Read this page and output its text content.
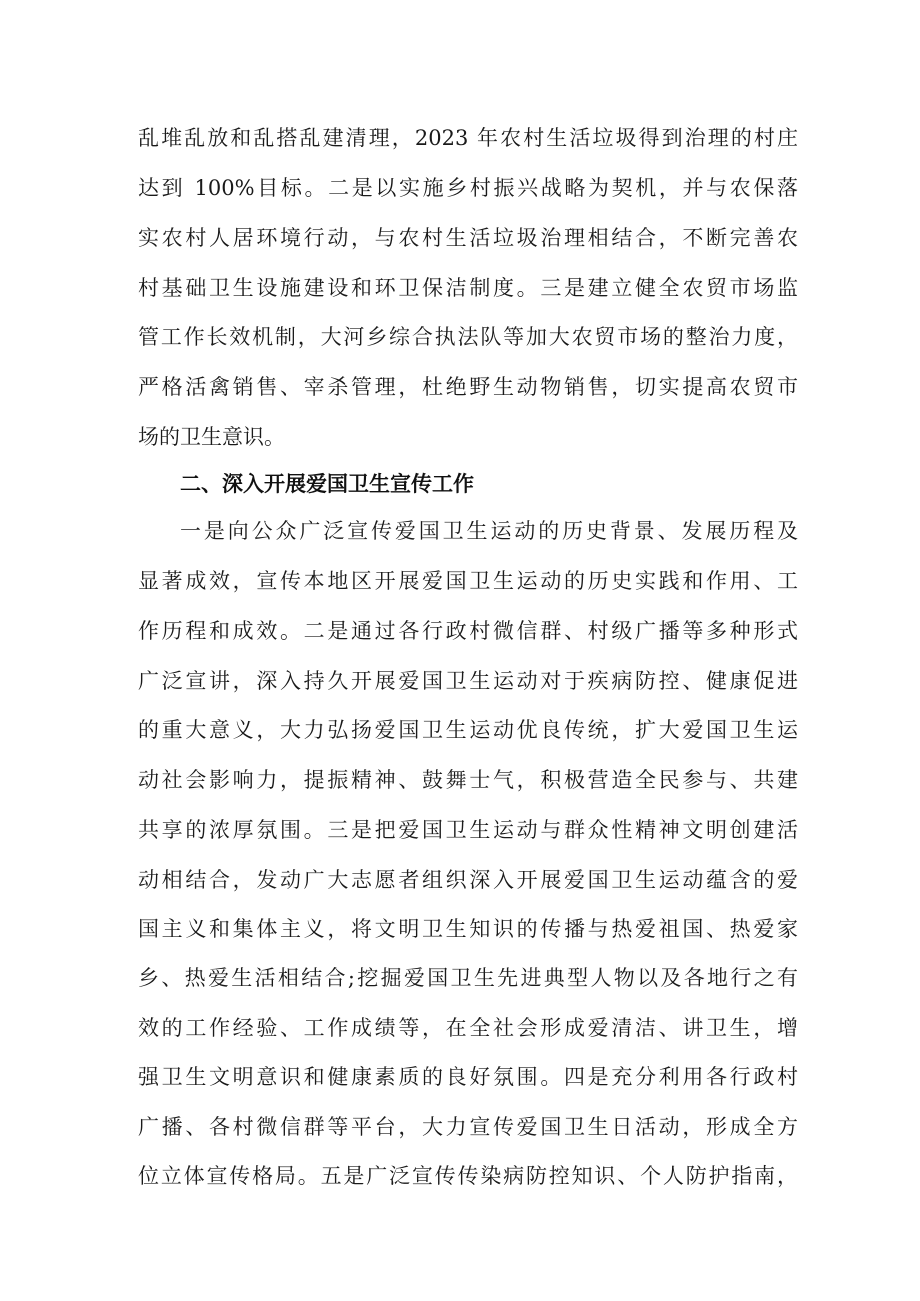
乱堆乱放和乱搭乱建清理，2023 年农村生活垃圾得到治理的村庄
达到 100%目标。二是以实施乡村振兴战略为契机，并与农保落
实农村人居环境行动，与农村生活垃圾治理相结合，不断完善农
村基础卫生设施建设和环卫保洁制度。三是建立健全农贸市场监
管工作长效机制，大河乡综合执法队等加大农贸市场的整治力度，
严格活禽销售、宰杀管理，杜绝野生动物销售，切实提高农贸市
场的卫生意识。
二、深入开展爱国卫生宣传工作
一是向公众广泛宣传爱国卫生运动的历史背景、发展历程及
显著成效，宣传本地区开展爱国卫生运动的历史实践和作用、工
作历程和成效。二是通过各行政村微信群、村级广播等多种形式
广泛宣讲，深入持久开展爱国卫生运动对于疾病防控、健康促进
的重大意义，大力弘扬爱国卫生运动优良传统，扩大爱国卫生运
动社会影响力，提振精神、鼓舞士气，积极营造全民参与、共建
共享的浓厚氛围。三是把爱国卫生运动与群众性精神文明创建活
动相结合，发动广大志愿者组织深入开展爱国卫生运动蕴含的爱
国主义和集体主义，将文明卫生知识的传播与热爱祖国、热爱家
乡、热爱生活相结合;挖掘爱国卫生先进典型人物以及各地行之有
效的工作经验、工作成绩等，在全社会形成爱清洁、讲卫生，增
强卫生文明意识和健康素质的良好氛围。四是充分利用各行政村
广播、各村微信群等平台，大力宣传爱国卫生日活动，形成全方
位立体宣传格局。五是广泛宣传传染病防控知识、个人防护指南，
